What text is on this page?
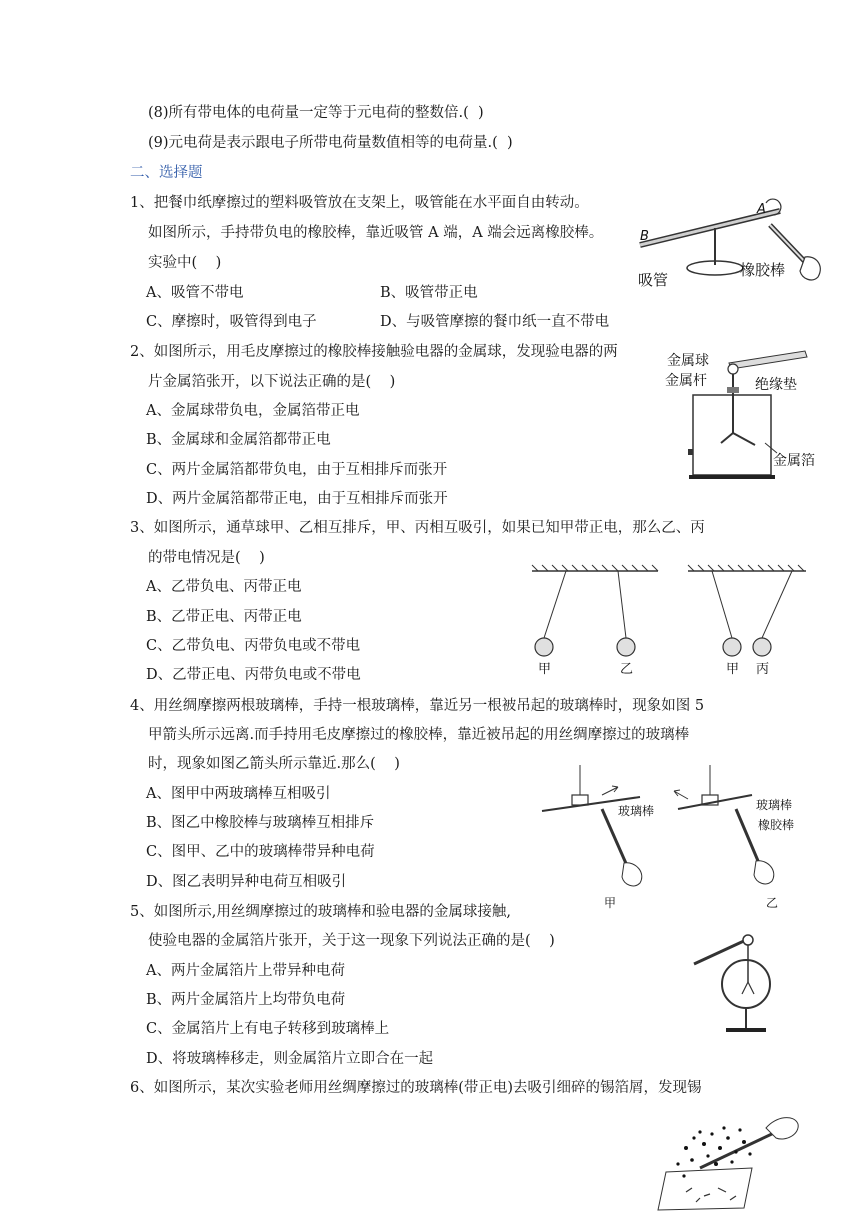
(8)所有带电体的电荷量一定等于元电荷的整数倍.(  )
(9)元电荷是表示跟电子所带电荷量数值相等的电荷量.(  )
二、选择题
1、把餐巾纸摩擦过的塑料吸管放在支架上，吸管能在水平面自由转动。
如图所示，手持带负电的橡胶棒，靠近吸管 A 端，A 端会远离橡胶棒。
实验中(    )
A、吸管不带电	B、吸管带正电
C、摩擦时，吸管得到电子	D、与吸管摩擦的餐巾纸一直不带电
A
B
吸管
橡胶棒
2、如图所示，用毛皮摩擦过的橡胶棒接触验电器的金属球，发现验电器的两
片金属箔张开，以下说法正确的是(    )
A、金属球带负电，金属箔带正电
B、金属球和金属箔都带正电
C、两片金属箔都带负电，由于互相排斥而张开
D、两片金属箔都带正电，由于互相排斥而张开
金属球
金属杆	绝缘垫
金属箔
3、如图所示，通草球甲、乙相互排斥，甲、丙相互吸引，如果已知甲带正电，那么乙、丙
的带电情况是(    )
A、乙带负电、丙带正电
B、乙带正电、丙带正电
C、乙带负电、丙带负电或不带电
D、乙带正电、丙带负电或不带电	甲	乙	甲 丙
4、用丝绸摩擦两根玻璃棒，手持一根玻璃棒，靠近另一根被吊起的玻璃棒时，现象如图 5
甲箭头所示远离.而手持用毛皮摩擦过的橡胶棒，靠近被吊起的用丝绸摩擦过的玻璃棒
时，现象如图乙箭头所示靠近.那么(    )
A、图甲中两玻璃棒互相吸引
B、图乙中橡胶棒与玻璃棒互相排斥
C、图甲、乙中的玻璃棒带异种电荷
D、图乙表明异种电荷互相吸引
玻璃棒	玻璃棒
橡胶棒
甲	乙
5、如图所示,用丝绸摩擦过的玻璃棒和验电器的金属球接触,
使验电器的金属箔片张开，关于这一现象下列说法正确的是(    )
A、两片金属箔片上带异种电荷
B、两片金属箔片上均带负电荷
C、金属箔片上有电子转移到玻璃棒上
D、将玻璃棒移走，则金属箔片立即合在一起
6、如图所示，某次实验老师用丝绸摩擦过的玻璃棒(带正电)去吸引细碎的锡箔屑，发现锡
